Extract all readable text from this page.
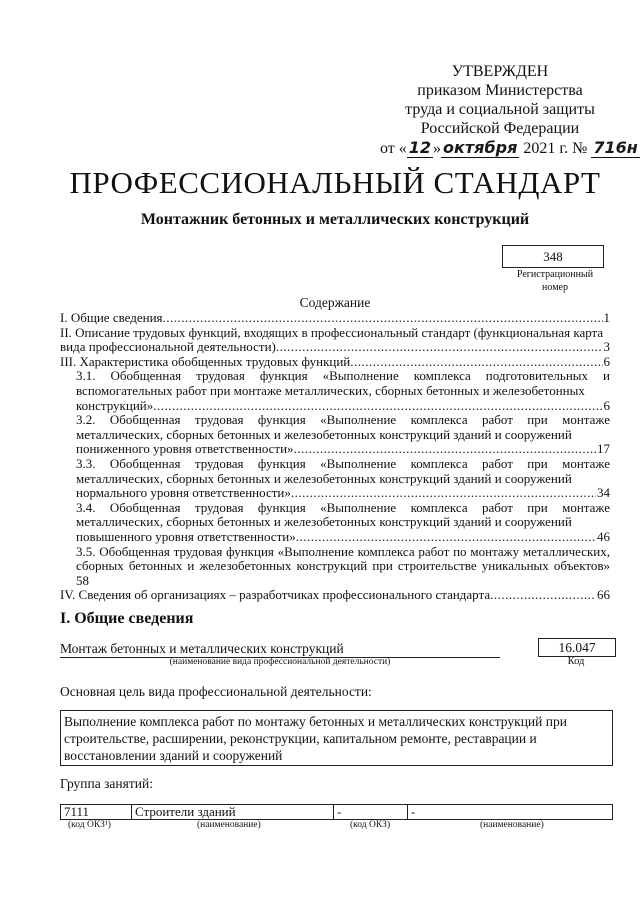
УТВЕРЖДЕН
приказом Министерства
труда и социальной защиты
Российской Федерации
от « 12 » октября 2021 г. № 716н
ПРОФЕССИОНАЛЬНЫЙ СТАНДАРТ
Монтажник бетонных и металлических конструкций
348
Регистрационный
номер
Содержание
I. Общие сведения .....	1
II. Описание трудовых функций, входящих в профессиональный стандарт (функциональная карта
вида профессиональной деятельности) .....	3
III. Характеристика обобщенных трудовых функций .....	6
3.1. Обобщенная трудовая функция «Выполнение комплекса подготовительных и вспомогательных работ при монтаже металлических, сборных бетонных и железобетонных
конструкций» .....	6
3.2. Обобщенная трудовая функция «Выполнение комплекса работ при монтаже металлических, сборных бетонных и железобетонных конструкций зданий и сооружений
пониженного уровня ответственности» .....	17
3.3. Обобщенная трудовая функция «Выполнение комплекса работ при монтаже металлических, сборных бетонных и железобетонных конструкций зданий и сооружений
нормального уровня ответственности» .....	34
3.4. Обобщенная трудовая функция «Выполнение комплекса работ при монтаже металлических, сборных бетонных и железобетонных конструкций зданий и сооружений
повышенного уровня ответственности» .....	46
3.5. Обобщенная трудовая функция «Выполнение комплекса работ по монтажу металлических, сборных бетонных и железобетонных конструкций при строительстве уникальных объектов» 58
IV. Сведения об организациях – разработчиках профессионального стандарта .....	66
I. Общие сведения
Монтаж бетонных и металлических конструкций
(наименование вида профессиональной деятельности)
16.047
Код
Основная цель вида профессиональной деятельности:
Выполнение комплекса работ по монтажу бетонных и металлических конструкций при строительстве, расширении, реконструкции, капитальном ремонте, реставрации и восстановлении зданий и сооружений
Группа занятий:
7111	Строители зданий	-	-
(код ОКЗ¹)	(наименование)	(код ОКЗ)	(наименование)
